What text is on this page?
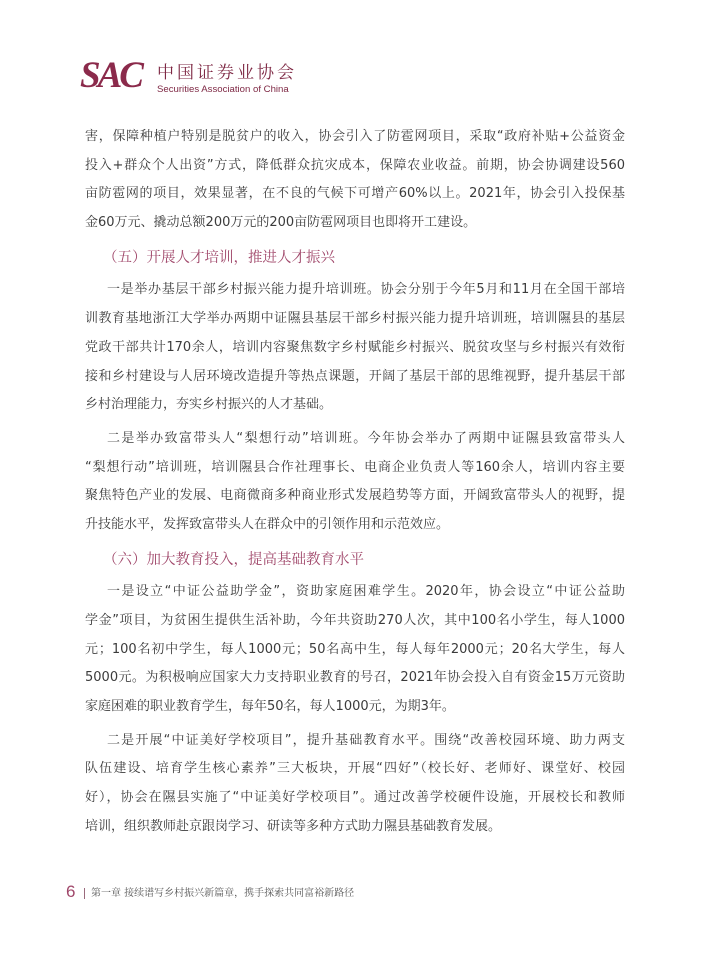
SAC 中国证券业协会
Securities Association of China
害，保障种植户特别是脱贫户的收入，协会引入了防雹网项目，采取“政府补贴+公益资金
投入+群众个人出资”方式，降低群众抗灾成本，保障农业收益。前期，协会协调建设560
亩防雹网的项目，效果显著，在不良的气候下可增产60%以上。2021年，协会引入投保基
金60万元、撬动总额200万元的200亩防雹网项目也即将开工建设。
（五）开展人才培训，推进人才振兴
一是举办基层干部乡村振兴能力提升培训班。协会分别于今年5月和11月在全国干部培
训教育基地浙江大学举办两期中证隰县基层干部乡村振兴能力提升培训班，培训隰县的基层
党政干部共计170余人，培训内容聚焦数字乡村赋能乡村振兴、脱贫攻坚与乡村振兴有效衔
接和乡村建设与人居环境改造提升等热点课题，开阔了基层干部的思维视野，提升基层干部
乡村治理能力，夯实乡村振兴的人才基础。
二是举办致富带头人“梨想行动”培训班。今年协会举办了两期中证隰县致富带头人
“梨想行动”培训班，培训隰县合作社理事长、电商企业负责人等160余人，培训内容主要
聚焦特色产业的发展、电商微商多种商业形式发展趋势等方面，开阔致富带头人的视野，提
升技能水平，发挥致富带头人在群众中的引领作用和示范效应。
（六）加大教育投入，提高基础教育水平
一是设立“中证公益助学金”，资助家庭困难学生。2020年，协会设立“中证公益助
学金”项目，为贫困生提供生活补助，今年共资助270人次，其中100名小学生，每人1000
元；100名初中学生，每人1000元；50名高中生，每人每年2000元；20名大学生，每人
5000元。为积极响应国家大力支持职业教育的号召，2021年协会投入自有资金15万元资助
家庭困难的职业教育学生，每年50名，每人1000元，为期3年。
二是开展“中证美好学校项目”，提升基础教育水平。围绕“改善校园环境、助力两支
队伍建设、培育学生核心素养”三大板块，开展“四好”（校长好、老师好、课堂好、校园
好），协会在隰县实施了“中证美好学校项目”。通过改善学校硬件设施，开展校长和教师
培训，组织教师赴京跟岗学习、研读等多种方式助力隰县基础教育发展。
6 第一章 接续谱写乡村振兴新篇章，携手探索共同富裕新路径
